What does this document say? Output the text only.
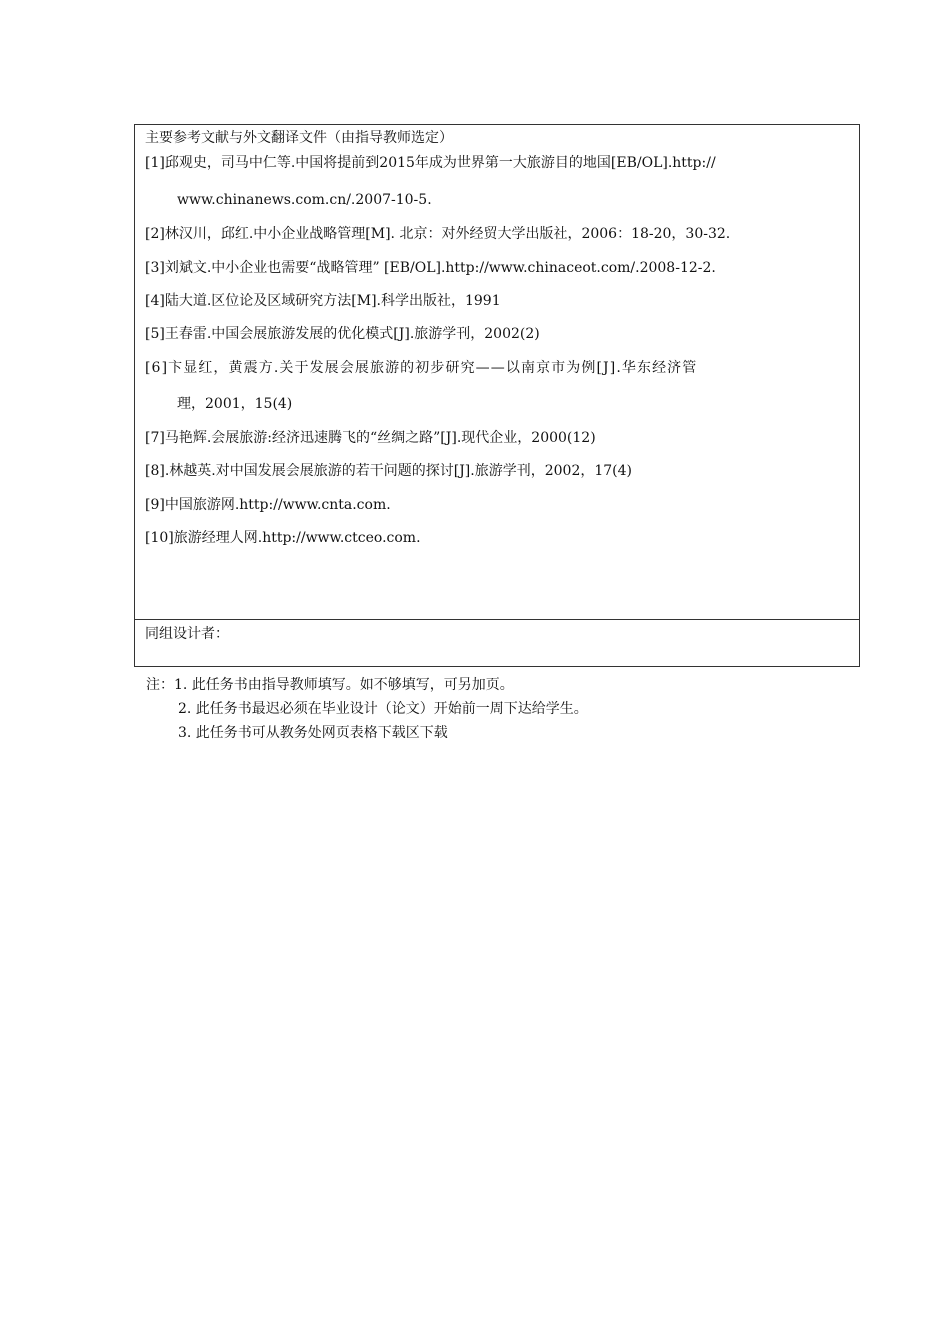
主要参考文献与外文翻译文件（由指导教师选定）
[1]邱观史，司马中仁等.中国将提前到2015年成为世界第一大旅游目的地国[EB/OL].http://
www.chinanews.com.cn/.2007-10-5.
[2]林汉川，邱红.中小企业战略管理[M]. 北京：对外经贸大学出版社，2006：18-20，30-32.
[3]刘斌文.中小企业也需要“战略管理” [EB/OL].http://www.chinaceot.com/.2008-12-2.
[4]陆大道.区位论及区域研究方法[M].科学出版社，1991
[5]王春雷.中国会展旅游发展的优化模式[J].旅游学刊，2002(2)
[6]卞显红，黄震方.关于发展会展旅游的初步研究——以南京市为例[J].华东经济管
理，2001，15(4)
[7]马艳辉.会展旅游:经济迅速腾飞的“丝绸之路”[J].现代企业，2000(12)
[8].林越英.对中国发展会展旅游的若干问题的探讨[J].旅游学刊，2002，17(4)
[9]中国旅游网.http://www.cnta.com.
[10]旅游经理人网.http://www.ctceo.com.
同组设计者：
注：1. 此任务书由指导教师填写。如不够填写，可另加页。
2. 此任务书最迟必须在毕业设计（论文）开始前一周下达给学生。
3. 此任务书可从教务处网页表格下载区下载
